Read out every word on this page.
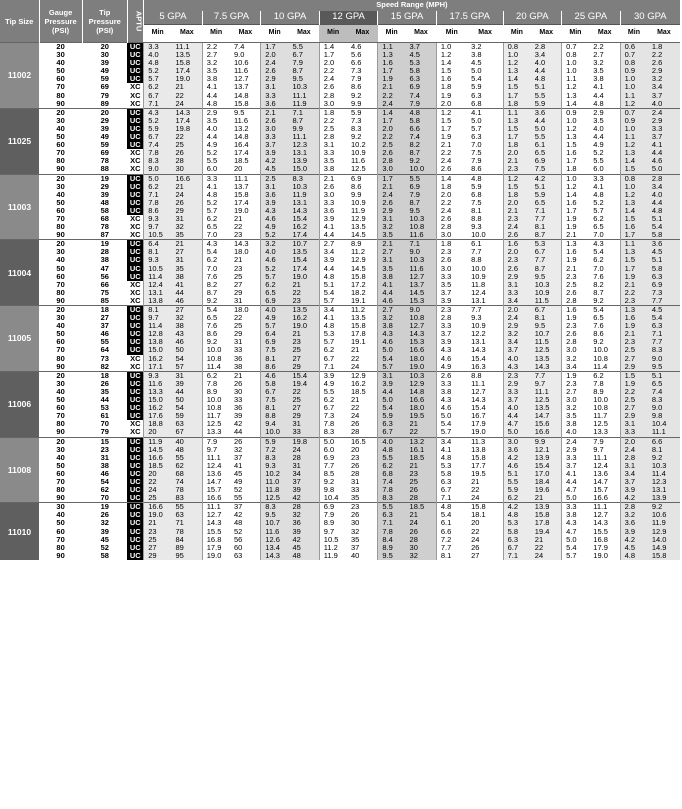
Tip Size	Gauge Pressure (PSI)	Tip Pressure (PSI)	APTU	Speed Range (MPH)																	
				5 GPA		7.5 GPA		10 GPA		12 GPA		15 GPA		17.5 GPA		20 GPA		25 GPA		30 GPA	
				Min	Max	Min	Max	Min	Max	Min	Max	Min	Max	Min	Max	Min	Max	Min	Max	Min	Max
11002	20	20	UC	3.3	11.1	2.2	7.4	1.7	5.5	1.4	4.6	1.1	3.7	1.0	3.2	0.8	2.8	0.7	2.2	0.6	1.8
	30	30	UC	4.0	13.5	2.7	9.0	2.0	6.7	1.7	5.6	1.3	4.5	1.2	3.8	1.0	3.4	0.8	2.7	0.7	2.2
	40	39	UC	4.8	15.8	3.2	10.6	2.4	7.9	2.0	6.6	1.6	5.3	1.4	4.5	1.2	4.0	1.0	3.2	0.8	2.6
	50	49	UC	5.2	17.4	3.5	11.6	2.6	8.7	2.2	7.3	1.7	5.8	1.5	5.0	1.3	4.4	1.0	3.5	0.9	2.9
	60	59	UC	5.7	19.0	3.8	12.7	2.9	9.5	2.4	7.9	1.9	6.3	1.6	5.4	1.4	4.8	1.1	3.8	1.0	3.2
	70	69	XC	6.2	21	4.1	13.7	3.1	10.3	2.6	8.6	2.1	6.9	1.8	5.9	1.5	5.1	1.2	4.1	1.0	3.4
	80	79	XC	6.7	22	4.4	14.8	3.3	11.1	2.8	9.2	2.2	7.4	1.9	6.3	1.7	5.5	1.3	4.4	1.1	3.7
	90	89	XC	7.1	24	4.8	15.8	3.6	11.9	3.0	9.9	2.4	7.9	2.0	6.8	1.8	5.9	1.4	4.8	1.2	4.0
11025	20	20	UC	4.3	14.3	2.9	9.5	2.1	7.1	1.8	5.9	1.4	4.8	1.2	4.1	1.1	3.6	0.9	2.9	0.7	2.4
	30	29	UC	5.2	17.4	3.5	11.6	2.6	8.7	2.2	7.3	1.7	5.8	1.5	5.0	1.3	4.4	1.0	3.5	0.9	2.9
	40	39	UC	5.9	19.8	4.0	13.2	3.0	9.9	2.5	8.3	2.0	6.6	1.7	5.7	1.5	5.0	1.2	4.0	1.0	3.3
	50	49	UC	6.7	22	4.4	14.8	3.3	11.1	2.8	9.2	2.2	7.4	1.9	6.3	1.7	5.5	1.3	4.4	1.1	3.7
	60	59	UC	7.4	25	4.9	16.4	3.7	12.3	3.1	10.2	2.5	8.2	2.1	7.0	1.8	6.1	1.5	4.9	1.2	4.1
	70	69	XC	7.8	26	5.2	17.4	3.9	13.1	3.3	10.9	2.6	8.7	2.2	7.5	2.0	6.5	1.6	5.2	1.3	4.4
	80	78	XC	8.3	28	5.5	18.5	4.2	13.9	3.5	11.6	2.8	9.2	2.4	7.9	2.1	6.9	1.7	5.5	1.4	4.6
	90	88	XC	9.0	30	6.0	20	4.5	15.0	3.8	12.5	3.0	10.0	2.6	8.6	2.3	7.5	1.8	6.0	1.5	5.0
11003	20	19	UC	5.0	16.6	3.3	11.1	2.5	8.3	2.1	6.9	1.7	5.5	1.4	4.8	1.2	4.2	1.0	3.3	0.8	2.8
	30	29	UC	6.2	21	4.1	13.7	3.1	10.3	2.6	8.6	2.1	6.9	1.8	5.9	1.5	5.1	1.2	4.1	1.0	3.4
	40	39	UC	7.1	24	4.8	15.8	3.6	11.9	3.0	9.9	2.4	7.9	2.0	6.8	1.8	5.9	1.4	4.8	1.2	4.0
	50	48	UC	7.8	26	5.2	17.4	3.9	13.1	3.3	10.9	2.6	8.7	2.2	7.5	2.0	6.5	1.6	5.2	1.3	4.4
	60	58	UC	8.6	29	5.7	19.0	4.3	14.3	3.6	11.9	2.9	9.5	2.4	8.1	2.1	7.1	1.7	5.7	1.4	4.8
	70	68	XC	9.3	31	6.2	21	4.6	15.4	3.9	12.9	3.1	10.3	2.6	8.8	2.3	7.7	1.9	6.2	1.5	5.1
	80	78	XC	9.7	32	6.5	22	4.9	16.2	4.1	13.5	3.2	10.8	2.8	9.3	2.4	8.1	1.9	6.5	1.6	5.4
	90	87	XC	10.5	35	7.0	23	5.2	17.4	4.4	14.5	3.5	11.6	3.0	10.0	2.6	8.7	2.1	7.0	1.7	5.8
11004	20	19	UC	6.4	21	4.3	14.3	3.2	10.7	2.7	8.9	2.1	7.1	1.8	6.1	1.6	5.3	1.3	4.3	1.1	3.6
	30	28	UC	8.1	27	5.4	18.0	4.0	13.5	3.4	11.2	2.7	9.0	2.3	7.7	2.0	6.7	1.6	5.4	1.3	4.5
	40	38	UC	9.3	31	6.2	21	4.6	15.4	3.9	12.9	3.1	10.3	2.6	8.8	2.3	7.7	1.9	6.2	1.5	5.1
	50	47	UC	10.5	35	7.0	23	5.2	17.4	4.4	14.5	3.5	11.6	3.0	10.0	2.6	8.7	2.1	7.0	1.7	5.8
	60	56	UC	11.4	38	7.6	25	5.7	19.0	4.8	15.8	3.8	12.7	3.3	10.9	2.9	9.5	2.3	7.6	1.9	6.3
	70	66	XC	12.4	41	8.2	27	6.2	21	5.1	17.2	4.1	13.7	3.5	11.8	3.1	10.3	2.5	8.2	2.1	6.9
	80	75	XC	13.1	44	8.7	29	6.5	22	5.4	18.2	4.4	14.5	3.7	12.4	3.3	10.9	2.6	8.7	2.2	7.3
	90	85	XC	13.8	46	9.2	31	6.9	23	5.7	19.1	4.6	15.3	3.9	13.1	3.4	11.5	2.8	9.2	2.3	7.7
11005	20	18	UC	8.1	27	5.4	18.0	4.0	13.5	3.4	11.2	2.7	9.0	2.3	7.7	2.0	6.7	1.6	5.4	1.3	4.5
	30	27	UC	9.7	32	6.5	22	4.9	16.2	4.1	13.5	3.2	10.8	2.8	9.3	2.4	8.1	1.9	6.5	1.6	5.4
	40	37	UC	11.4	38	7.6	25	5.7	19.0	4.8	15.8	3.8	12.7	3.3	10.9	2.9	9.5	2.3	7.6	1.9	6.3
	50	46	UC	12.8	43	8.6	29	6.4	21	5.3	17.8	4.3	14.3	3.7	12.2	3.2	10.7	2.6	8.6	2.1	7.1
	60	55	UC	13.8	46	9.2	31	6.9	23	5.7	19.1	4.6	15.3	3.9	13.1	3.4	11.5	2.8	9.2	2.3	7.7
	70	64	UC	15.0	50	10.0	33	7.5	25	6.2	21	5.0	16.6	4.3	14.3	3.7	12.5	3.0	10.0	2.5	8.3
	80	73	XC	16.2	54	10.8	36	8.1	27	6.7	22	5.4	18.0	4.6	15.4	4.0	13.5	3.2	10.8	2.7	9.0
	90	82	XC	17.1	57	11.4	38	8.6	29	7.1	24	5.7	19.0	4.9	16.3	4.3	14.3	3.4	11.4	2.9	9.5
11006	20	18	UC	9.3	31	6.2	21	4.6	15.4	3.9	12.9	3.1	10.3	2.6	8.8	2.3	7.7	1.9	6.2	1.5	5.1
	30	26	UC	11.6	39	7.8	26	5.8	19.4	4.9	16.2	3.9	12.9	3.3	11.1	2.9	9.7	2.3	7.8	1.9	6.5
	40	35	UC	13.3	44	8.9	30	6.7	22	5.5	18.5	4.4	14.8	3.8	12.7	3.3	11.1	2.7	8.9	2.2	7.4
	50	44	UC	15.0	50	10.0	33	7.5	25	6.2	21	5.0	16.6	4.3	14.3	3.7	12.5	3.0	10.0	2.5	8.3
	60	53	UC	16.2	54	10.8	36	8.1	27	6.7	22	5.4	18.0	4.6	15.4	4.0	13.5	3.2	10.8	2.7	9.0
	70	61	UC	17.6	59	11.7	39	8.8	29	7.3	24	5.9	19.5	5.0	16.7	4.4	14.7	3.5	11.7	2.9	9.8
	80	70	XC	18.8	63	12.5	42	9.4	31	7.8	26	6.3	21	5.4	17.9	4.7	15.6	3.8	12.5	3.1	10.4
	90	79	XC	20	67	13.3	44	10.0	33	8.3	28	6.7	22	5.7	19.0	5.0	16.6	4.0	13.3	3.3	11.1
11008	20	15	UC	11.9	40	7.9	26	5.9	19.8	5.0	16.5	4.0	13.2	3.4	11.3	3.0	9.9	2.4	7.9	2.0	6.6
	30	23	UC	14.5	48	9.7	32	7.2	24	6.0	20	4.8	16.1	4.1	13.8	3.6	12.1	2.9	9.7	2.4	8.1
	40	31	UC	16.6	55	11.1	37	8.3	28	6.9	23	5.5	18.5	4.8	15.8	4.2	13.9	3.3	11.1	2.8	9.2
	50	38	UC	18.5	62	12.4	41	9.3	31	7.7	26	6.2	21	5.3	17.7	4.6	15.4	3.7	12.4	3.1	10.3
	60	46	UC	20	68	13.6	45	10.2	34	8.5	28	6.8	23	5.8	19.5	5.1	17.0	4.1	13.6	3.4	11.4
	70	54	UC	22	74	14.7	49	11.0	37	9.2	31	7.4	25	6.3	21	5.5	18.4	4.4	14.7	3.7	12.3
	80	62	UC	24	78	15.7	52	11.8	39	9.8	33	7.8	26	6.7	22	5.9	19.6	4.7	15.7	3.9	13.1
	90	70	UC	25	83	16.6	55	12.5	42	10.4	35	8.3	28	7.1	24	6.2	21	5.0	16.6	4.2	13.9
11010	30	19	UC	16.6	55	11.1	37	8.3	28	6.9	23	5.5	18.5	4.8	15.8	4.2	13.9	3.3	11.1	2.8	9.2
	40	26	UC	19.0	63	12.7	42	9.5	32	7.9	26	6.3	21	5.4	18.1	4.8	15.8	3.8	12.7	3.2	10.6
	50	32	UC	21	71	14.3	48	10.7	36	8.9	30	7.1	24	6.1	20	5.3	17.8	4.3	14.3	3.6	11.9
	60	39	UC	23	78	15.5	52	11.6	39	9.7	32	7.8	26	6.6	22	5.8	19.4	4.7	15.5	3.9	12.9
	70	45	UC	25	84	16.8	56	12.6	42	10.5	35	8.4	28	7.2	24	6.3	21	5.0	16.8	4.2	14.0
	80	52	UC	27	89	17.9	60	13.4	45	11.2	37	8.9	30	7.7	26	6.7	22	5.4	17.9	4.5	14.9
	90	58	UC	29	95	19.0	63	14.3	48	11.9	40	9.5	32	8.1	27	7.1	24	5.7	19.0	4.8	15.8
